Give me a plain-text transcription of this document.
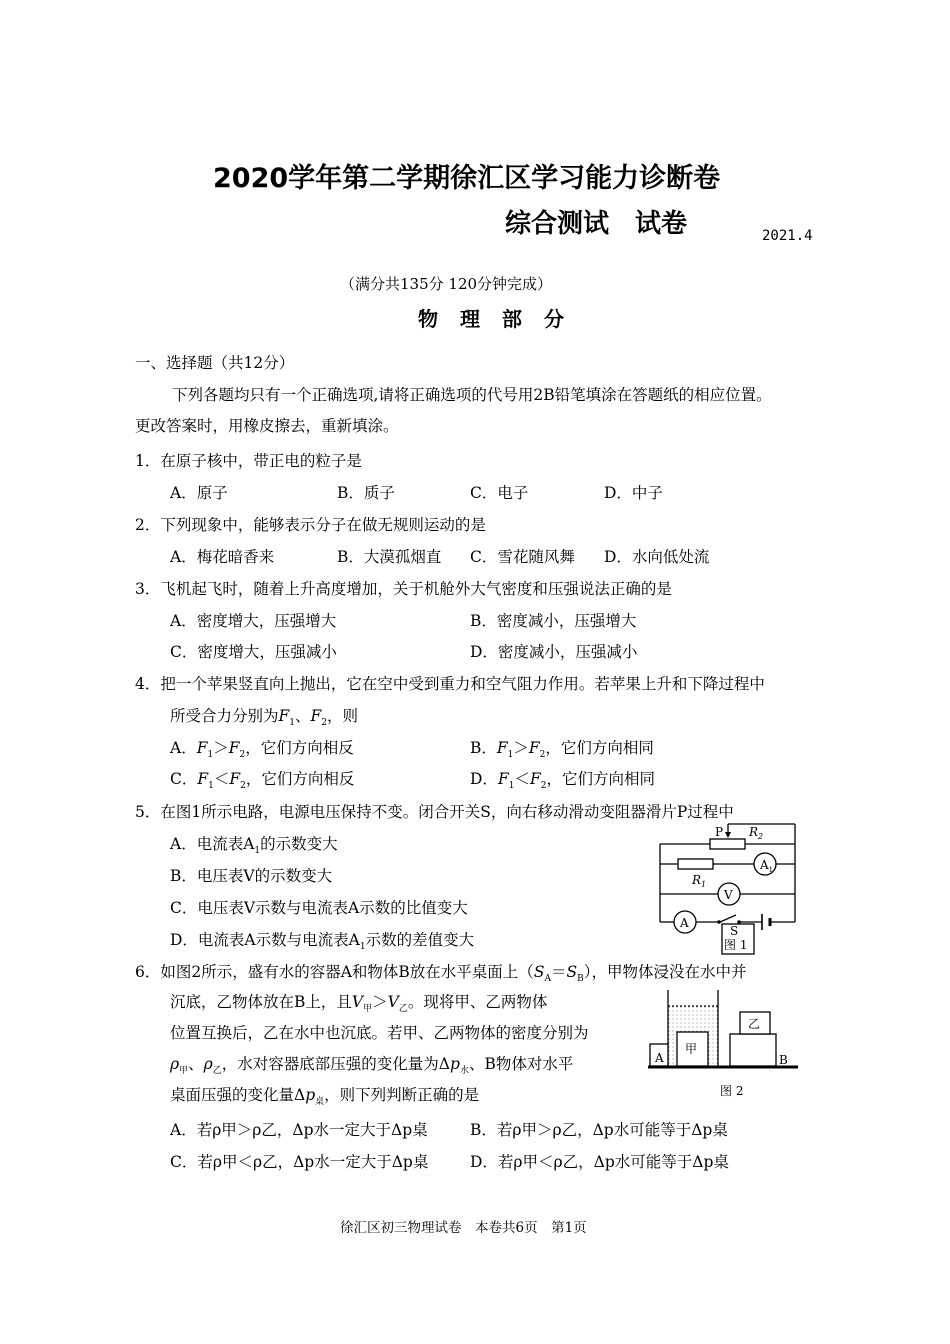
2020学年第二学期徐汇区学习能力诊断卷
综合测试　试卷	2021.4
（满分共135分 120分钟完成）
物理部分
一、选择题（共12分）
下列各题均只有一个正确选项,请将正确选项的代号用2B铅笔填涂在答题纸的相应位置。
更改答案时，用橡皮擦去，重新填涂。
1．在原子核中，带正电的粒子是
A．原子	B．质子	C．电子	D．中子
2．下列现象中，能够表示分子在做无规则运动的是
A．梅花暗香来	B．大漠孤烟直 C．雪花随风舞 D．水向低处流
3．飞机起飞时，随着上升高度增加，关于机舱外大气密度和压强说法正确的是
A．密度增大，压强增大	B．密度减小，压强增大
C．密度增大，压强减小	D．密度减小，压强减小
4．把一个苹果竖直向上抛出，它在空中受到重力和空气阻力作用。若苹果上升和下降过程中
所受合力分别为$F_1$、$F_2$，则
A．$F_1>F_2$，它们方向相反	B．$F_1>F_2$，它们方向相同
C．$F_1<F_2$，它们方向相反	D．$F_1<F_2$，它们方向相同
5．在图1所示电路，电源电压保持不变。闭合开关S，向右移动滑动变阻器滑片P过程中
A．电流表$A_1$的示数变大
B．电压表V的示数变大
C．电压表V示数与电流表A示数的比值变大
D．电流表A示数与电流表$A_1$示数的差值变大
P $R_2$
$R_1$
$A_1$
V
A
S
图 1
6．如图2所示，盛有水的容器A和物体B放在水平桌面上$(S_A=S_B)$，甲物体浸没在水中并
沉底，乙物体放在B上，且$V_甲>V_乙$。现将甲、乙两物体
位置互换后，乙在水中也沉底。若甲、乙两物体的密度分别为
$\rho_甲$、$\rho_乙$，水对容器底部压强的变化量为$\Delta p_水$、B物体对水平
桌面压强的变化量$\Delta p_桌$，则下列判断正确的是
A．若ρ甲＞ρ乙，Δp水一定大于Δp桌	B．若ρ甲＞ρ乙，Δp水可能等于Δp桌
C．若ρ甲＜ρ乙，Δp水一定大于Δp桌	D．若ρ甲＜ρ乙，Δp水可能等于Δp桌
甲
乙
A	B
图 2
徐汇区初三物理试卷　本卷共6页　第1页
